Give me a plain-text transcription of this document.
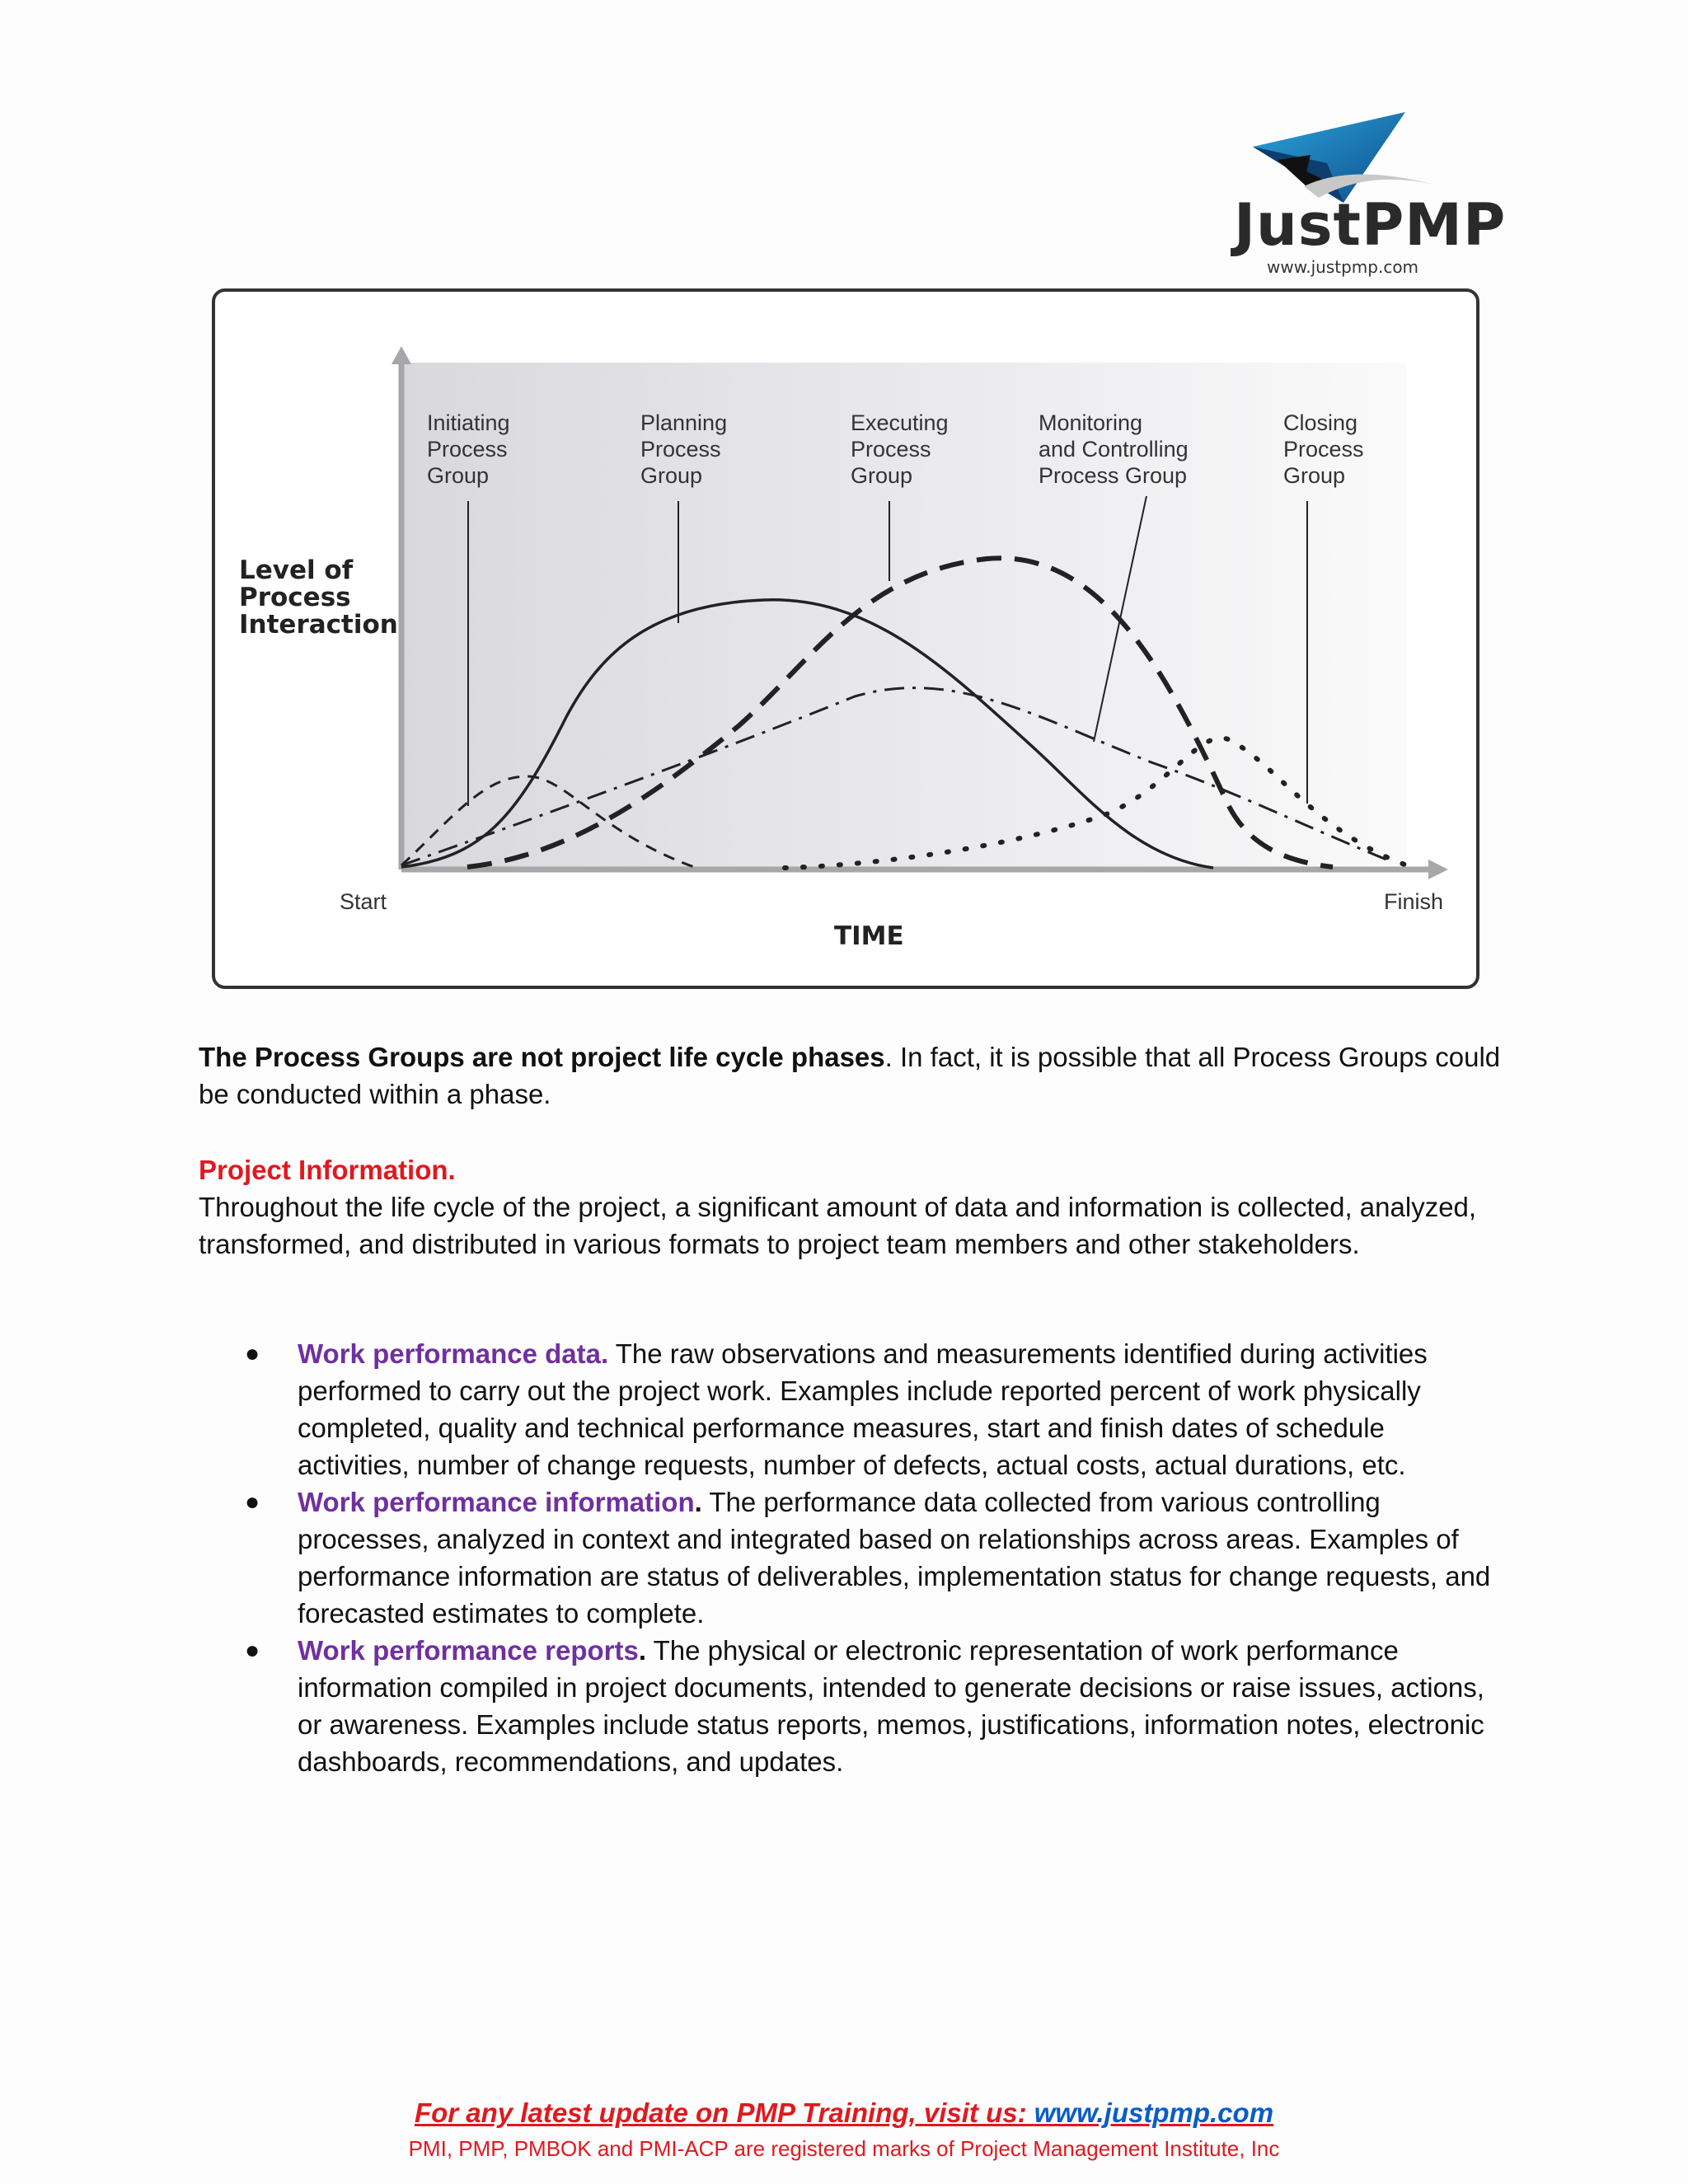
JustPMP
www.justpmp.com
Initiating Process Group
Planning Process Group
Executing Process Group
Monitoring and Controlling Process Group
Closing Process Group
Level of Process Interaction
Start	Finish
TIME

The Process Groups are not project life cycle phases. In fact, it is possible that all Process Groups could be conducted within a phase.

Project Information.

Throughout the life cycle of the project, a significant amount of data and information is collected, analyzed, transformed, and distributed in various formats to project team members and other stakeholders.

● Work performance data. The raw observations and measurements identified during activities performed to carry out the project work. Examples include reported percent of work physically completed, quality and technical performance measures, start and finish dates of schedule activities, number of change requests, number of defects, actual costs, actual durations, etc.
● Work performance information. The performance data collected from various controlling processes, analyzed in context and integrated based on relationships across areas. Examples of performance information are status of deliverables, implementation status for change requests, and forecasted estimates to complete.
● Work performance reports. The physical or electronic representation of work performance information compiled in project documents, intended to generate decisions or raise issues, actions, or awareness. Examples include status reports, memos, justifications, information notes, electronic dashboards, recommendations, and updates.
For any latest update on PMP Training, visit us: www.justpmp.com
PMI, PMP, PMBOK and PMI-ACP are registered marks of Project Management Institute, Inc
